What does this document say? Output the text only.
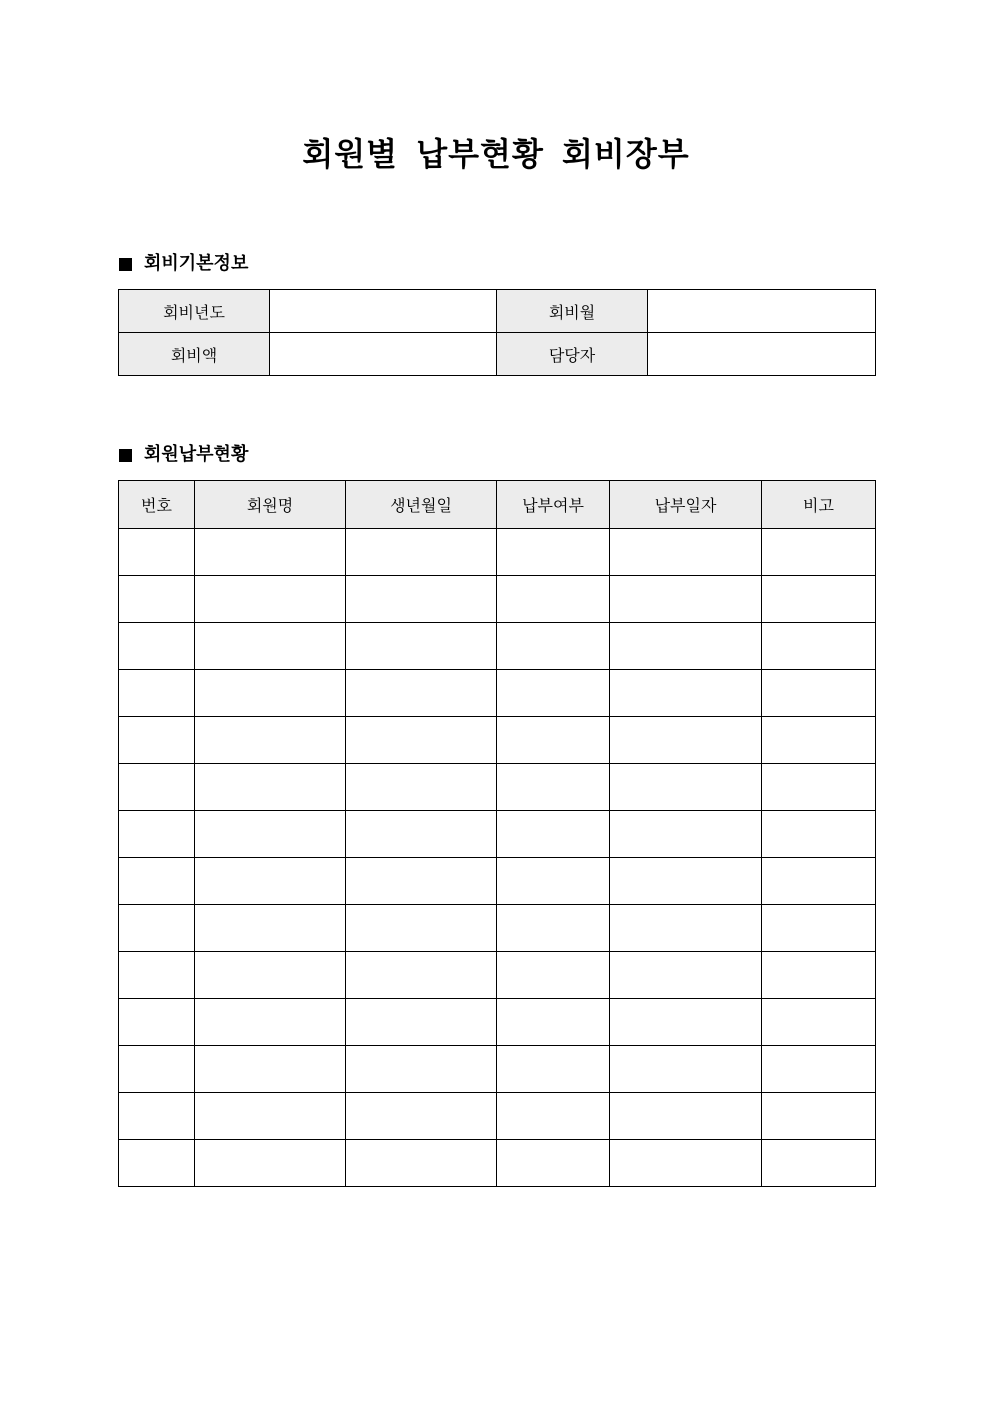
회원별 납부현황 회비장부
회비기본정보
회비년도		회비월	
회비액		담당자	
회원납부현황
번호	회원명	생년월일	납부여부	납부일자	비고
